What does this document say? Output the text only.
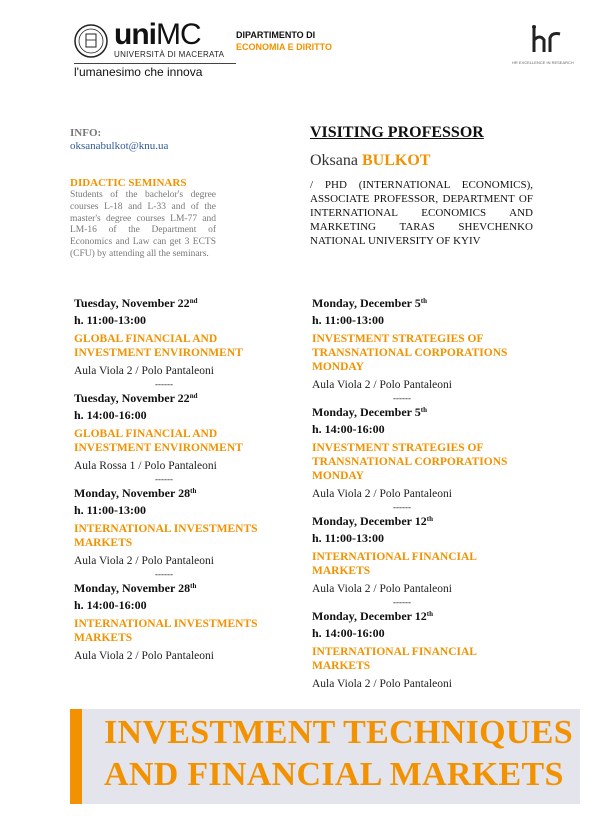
uniMC
UNIVERSITÀ DI MACERATA
l'umanesimo che innova
DIPARTIMENTO DI
ECONOMIA E DIRITTO
HR EXCELLENCE IN RESEARCH
INFO:
oksanabulkot@knu.ua
DIDACTIC SEMINARS
Students of the bachelor's degree courses L-18 and L-33 and of the master's degree courses LM-77 and LM-16 of the Department of Economics and Law can get 3 ECTS (CFU) by attending all the seminars.
VISITING PROFESSOR
Oksana BULKOT
/ PHD (INTERNATIONAL ECONOMICS), ASSOCIATE PROFESSOR, DEPARTMENT OF INTERNATIONAL ECONOMICS AND MARKETING TARAS SHEVCHENKO NATIONAL UNIVERSITY OF KYIV
Tuesday, November 22nd
h. 11:00-13:00
GLOBAL FINANCIAL AND INVESTMENT ENVIRONMENT
Aula Viola 2 / Polo Pantaleoni
------
Tuesday, November 22nd
h. 14:00-16:00
GLOBAL FINANCIAL AND INVESTMENT ENVIRONMENT
Aula Rossa 1 / Polo Pantaleoni
------
Monday, November 28th
h. 11:00-13:00
INTERNATIONAL INVESTMENTS MARKETS
Aula Viola 2 / Polo Pantaleoni
------
Monday, November 28th
h. 14:00-16:00
INTERNATIONAL INVESTMENTS MARKETS
Aula Viola 2 / Polo Pantaleoni
Monday, December 5th
h. 11:00-13:00
INVESTMENT STRATEGIES OF TRANSNATIONAL CORPORATIONS MONDAY
Aula Viola 2 / Polo Pantaleoni
------
Monday, December 5th
h. 14:00-16:00
INVESTMENT STRATEGIES OF TRANSNATIONAL CORPORATIONS MONDAY
Aula Viola 2 / Polo Pantaleoni
------
Monday, December 12th
h. 11:00-13:00
INTERNATIONAL FINANCIAL MARKETS
Aula Viola 2 / Polo Pantaleoni
------
Monday, December 12th
h. 14:00-16:00
INTERNATIONAL FINANCIAL MARKETS
Aula Viola 2 / Polo Pantaleoni
INVESTMENT TECHNIQUES
AND FINANCIAL MARKETS
